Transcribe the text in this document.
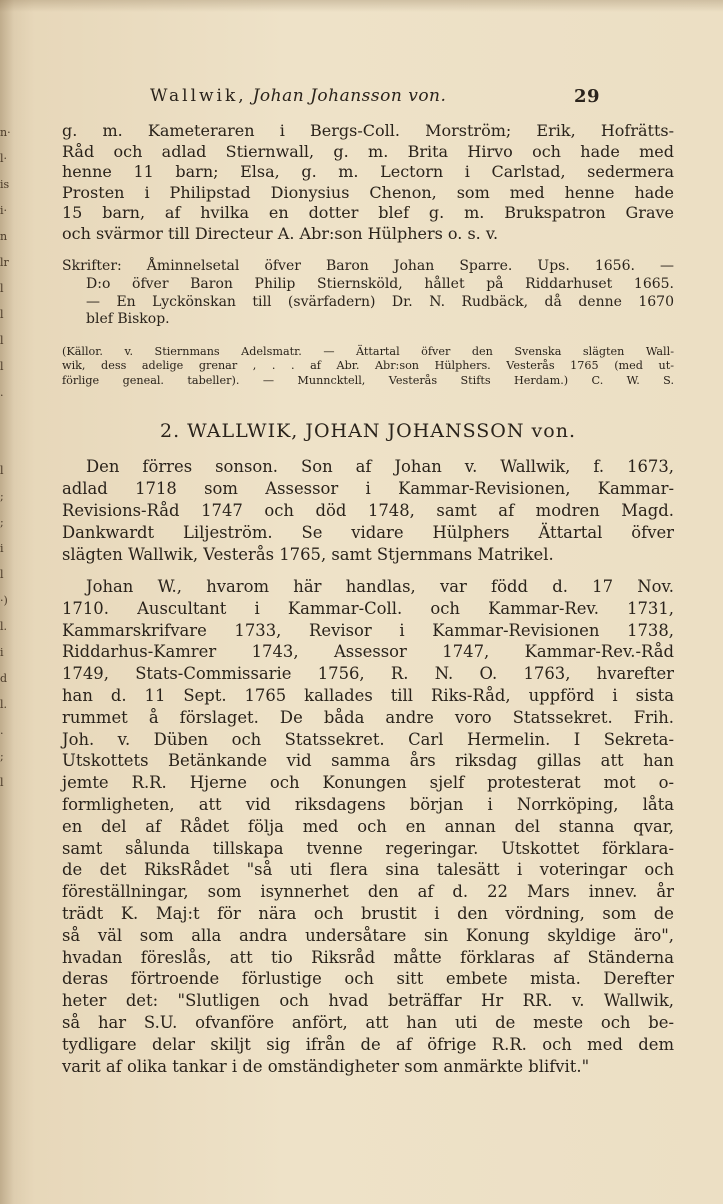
n·
l·
is
i·
n
lr
l
l
l
l
.

l
;
;
i
l
·)
l.
i
d
l.
.
;
l
Wallwik, Johan Johansson von.	29
g. m. Kameteraren i Bergs-Coll. Morström; Erik, Hofrätts-
Råd och adlad Stiernwall, g. m. Brita Hirvo och hade med
henne 11 barn; Elsa, g. m. Lectorn i Carlstad, sedermera
Prosten i Philipstad Dionysius Chenon, som med henne hade
15 barn, af hvilka en dotter blef g. m. Brukspatron Grave
och svärmor till Directeur A. Abr:son Hülphers o. s. v.
Skrifter: Åminnelsetal öfver Baron Johan Sparre. Ups. 1656. —
D:o öfver Baron Philip Stiernsköld, hållet på Riddarhuset 1665.
— En Lyckönskan till (svärfadern) Dr. N. Rudbäck, då denne 1670
blef Biskop.
(Källor. v. Stiernmans Adelsmatr. — Ättartal öfver den Svenska slägten Wall-
wik, dess adelige grenar , . . af Abr. Abr:son Hülphers. Vesterås 1765 (med ut-
förlige geneal. tabeller). — Munncktell, Vesterås Stifts Herdam.) C. W. S.
2. WALLWIK, JOHAN JOHANSSON von.
Den förres sonson. Son af Johan v. Wallwik, f. 1673,
adlad 1718 som Assessor i Kammar-Revisionen, Kammar-
Revisions-Råd 1747 och död 1748, samt af modren Magd.
Dankwardt Liljeström. Se vidare Hülphers Ättartal öfver
slägten Wallwik, Vesterås 1765, samt Stjernmans Matrikel.
Johan W., hvarom här handlas, var född d. 17 Nov.
1710. Auscultant i Kammar-Coll. och Kammar-Rev. 1731,
Kammarskrifvare 1733, Revisor i Kammar-Revisionen 1738,
Riddarhus-Kamrer 1743, Assessor 1747, Kammar-Rev.-Råd
1749, Stats-Commissarie 1756, R. N. O. 1763, hvarefter
han d. 11 Sept. 1765 kallades till Riks-Råd, uppförd i sista
rummet å förslaget. De båda andre voro Statssekret. Frih.
Joh. v. Düben och Statssekret. Carl Hermelin. I Sekreta-
Utskottets Betänkande vid samma års riksdag gillas att han
jemte R.R. Hjerne och Konungen sjelf protesterat mot o-
formligheten, att vid riksdagens början i Norrköping, låta
en del af Rådet följa med och en annan del stanna qvar,
samt sålunda tillskapa tvenne regeringar. Utskottet förklara-
de det RiksRådet "så uti flera sina talesätt i voteringar och
föreställningar, som isynnerhet den af d. 22 Mars innev. år
trädt K. Maj:t för nära och brustit i den vördning, som de
så väl som alla andra undersåtare sin Konung skyldige äro",
hvadan föreslås, att tio Riksråd måtte förklaras af Ständerna
deras förtroende förlustige och sitt embete mista. Derefter
heter det: "Slutligen och hvad beträffar Hr RR. v. Wallwik,
så har S.U. ofvanföre anfört, att han uti de meste och be-
tydligare delar skiljt sig ifrån de af öfrige R.R. och med dem
varit af olika tankar i de omständigheter som anmärkte blifvit."
